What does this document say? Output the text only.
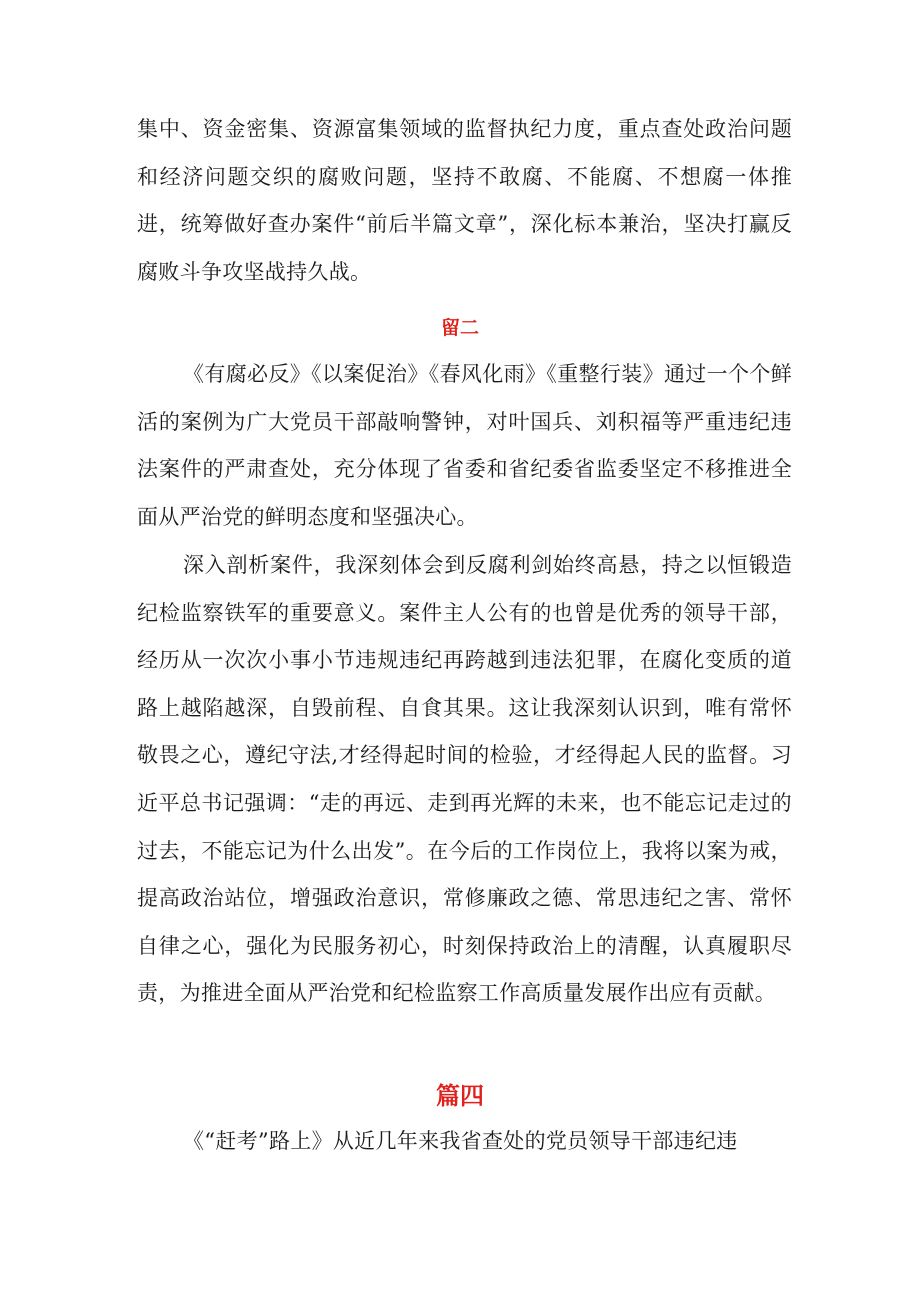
集中、资金密集、资源富集领域的监督执纪力度，重点查处政治问题和经济问题交织的腐败问题，坚持不敢腐、不能腐、不想腐一体推进，统筹做好查办案件“前后半篇文章”，深化标本兼治，坚决打赢反腐败斗争攻坚战持久战。

留二

《有腐必反》《以案促治》《春风化雨》《重整行装》通过一个个鲜活的案例为广大党员干部敲响警钟，对叶国兵、刘积福等严重违纪违法案件的严肃查处，充分体现了省委和省纪委省监委坚定不移推进全面从严治党的鲜明态度和坚强决心。

深入剖析案件，我深刻体会到反腐利剑始终高悬，持之以恒锻造纪检监察铁军的重要意义。案件主人公有的也曾是优秀的领导干部，经历从一次次小事小节违规违纪再跨越到违法犯罪，在腐化变质的道路上越陷越深，自毁前程、自食其果。这让我深刻认识到，唯有常怀敬畏之心，遵纪守法,才经得起时间的检验，才经得起人民的监督。习近平总书记强调：“走的再远、走到再光辉的未来，也不能忘记走过的过去，不能忘记为什么出发”。在今后的工作岗位上，我将以案为戒，提高政治站位，增强政治意识，常修廉政之德、常思违纪之害、常怀自律之心，强化为民服务初心，时刻保持政治上的清醒，认真履职尽责，为推进全面从严治党和纪检监察工作高质量发展作出应有贡献。

篇四

《“赶考”路上》从近几年来我省查处的党员领导干部违纪违
